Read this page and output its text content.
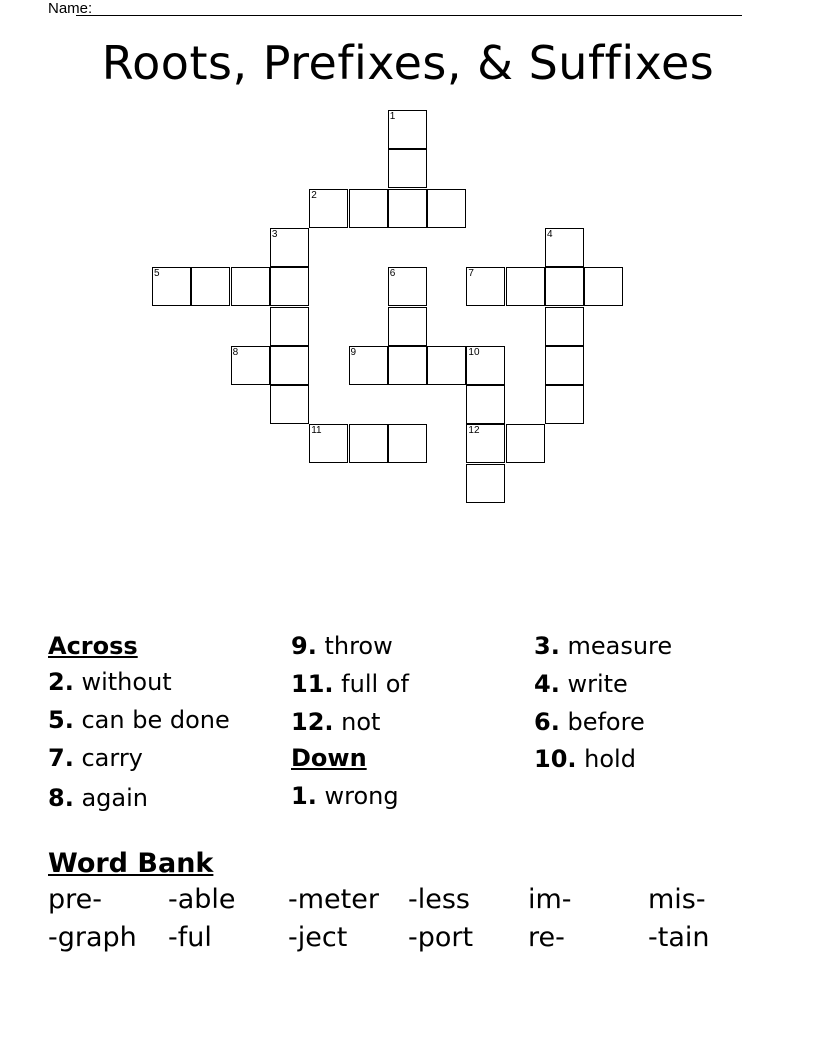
Name:
Roots, Prefixes, & Suffixes
1
2
3	4
5	6	7
8	9	10
11	12
Across
2. without
5. can be done
7. carry
8. again
9. throw
11. full of
12. not
Down
1. wrong
3. measure
4. write
6. before
10. hold
Word Bank
pre- -able -meter -less im-	mis-
-graph -ful	-ject -port re-	-tain
